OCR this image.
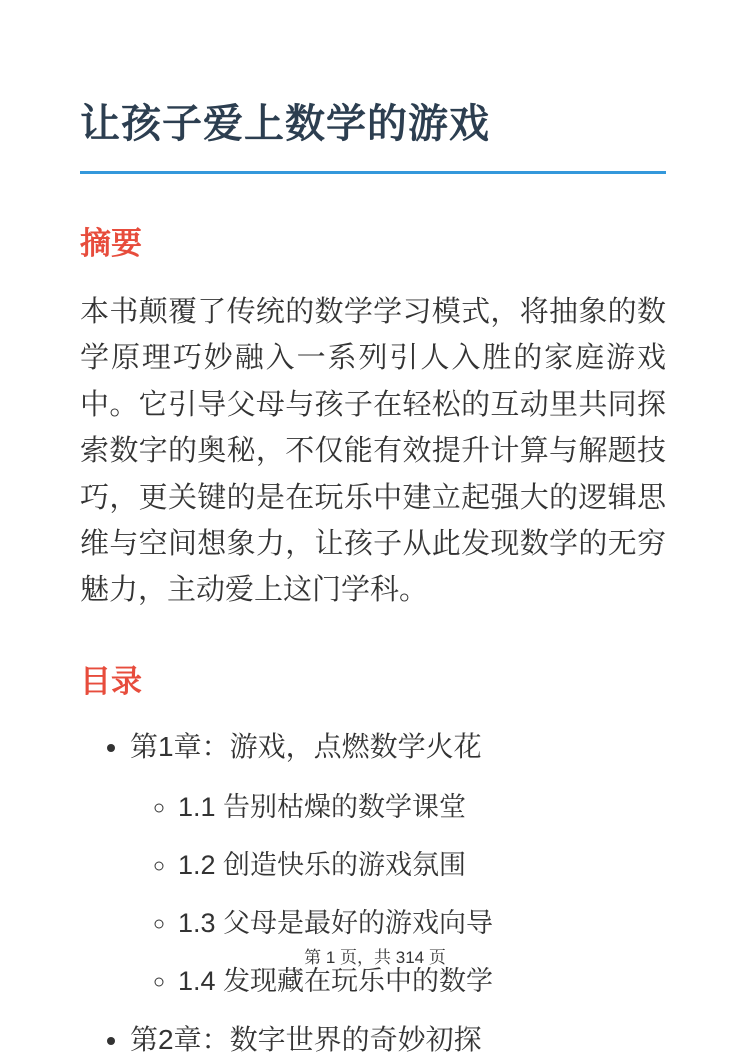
让孩子爱上数学的游戏
摘要

本书颠覆了传统的数学学习模式，将抽象的数学原理巧妙融入一系列引人入胜的家庭游戏中。它引导父母与孩子在轻松的互动里共同探索数字的奥秘，不仅能有效提升计算与解题技巧，更关键的是在玩乐中建立起强大的逻辑思维与空间想象力，让孩子从此发现数学的无穷魅力，主动爱上这门学科。

目录
• 第1章：游戏，点燃数学火花
◦ 1.1 告别枯燥的数学课堂
◦ 1.2 创造快乐的游戏氛围
◦ 1.3 父母是最好的游戏向导
◦ 1.4 发现藏在玩乐中的数学
• 第2章：数字世界的奇妙初探
第 1 页，共 314 页
